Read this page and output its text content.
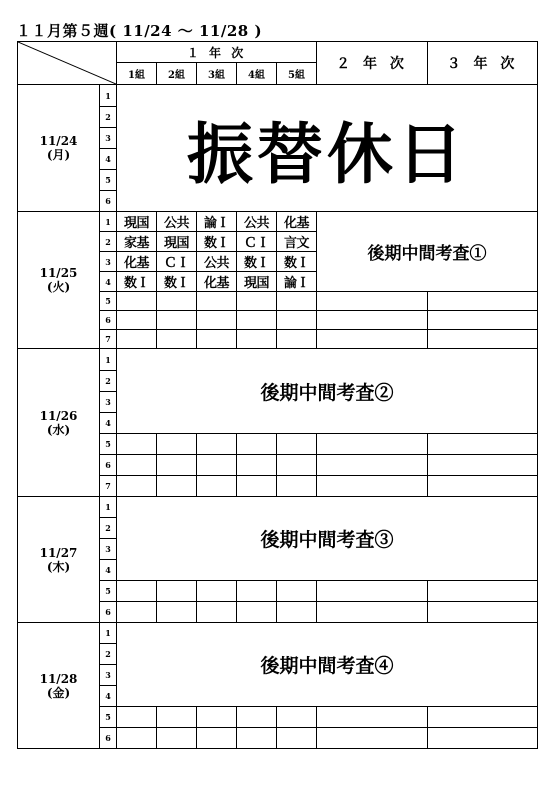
１１月第５週( 11/24 ～ 11/28 )
	１ 年 次					２ 年 次	３ 年 次
		1組	2組	3組	4組	5組		
11/24
(月)	1	振替休日						
	2							
	3							
	4							
	5							
	6							
11/25
(火)	1	現国	公共	論Ｉ	公共	化基	後期中間考査①	
	2	家基	現国	数Ｉ	ＣＩ	言文		
	3	化基	ＣＩ	公共	数Ｉ	数Ｉ		
	4	数Ｉ	数Ｉ	化基	現国	論Ｉ		
	5							
	6							
	7							
11/26
(水)	1	後期中間考査②						
	2							
	3							
	4							
	5							
	6							
	7							
11/27
(木)	1	後期中間考査③						
	2							
	3							
	4							
	5							
	6							
11/28
(金)	1	後期中間考査④						
	2							
	3							
	4							
	5							
	6							
